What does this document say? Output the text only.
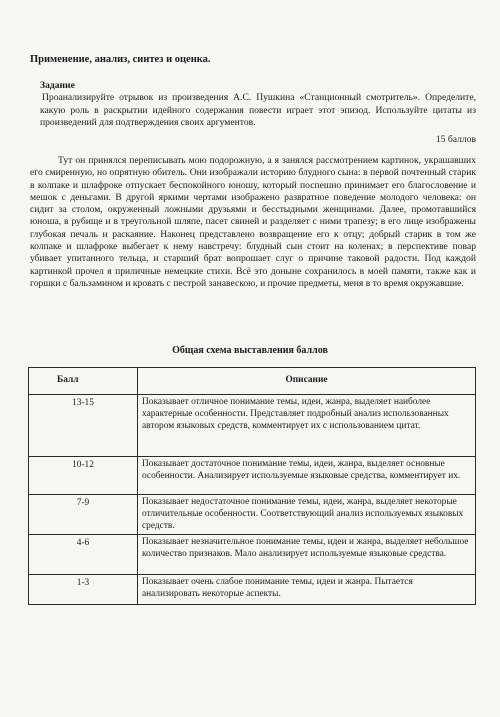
Применение, анализ, синтез и оценка.
Задание
Проанализируйте отрывок из произведения А.С. Пушкина «Станционный смотритель». Определите, какую роль в раскрытии идейного содержания повести играет этот эпизод. Используйте цитаты из произведений для подтверждения своих аргументов.
15 баллов

Тут он принялся переписывать мою подорожную, а я занялся рассмотрением картинок, украшавших его смиренную, но опрятную обитель. Они изображали историю блудного сына: в первой почтенный старик в колпаке и шлафроке отпускает беспокойного юношу, который поспешно принимает его благословение и мешок с деньгами. В другой яркими чертами изображено развратное поведение молодого человека: он сидит за столом, окруженный ложными друзьями и бесстыдными женщинами. Далее, промотавшийся юноша, в рубище и в треугольной шляпе, пасет свиней и разделяет с ними трапезу; в его лице изображены глубокая печаль и раскаяние. Наконец представлено возвращение его к отцу; добрый старик в том же колпаке и шлафроке выбегает к нему навстречу: блудный сын стоит на коленах; в перспективе повар убивает упитанного тельца, и старший брат вопрошает слуг о причине таковой радости. Под каждой картинкой прочел я приличные немецкие стихи. Всё это доныне сохранилось в моей памяти, также как и горшки с бальзамином и кровать с пестрой занавескою, и прочие предметы, меня в то время окружавшие.

Общая схема выставления баллов
Балл	Описание
13-15	Показывает отличное понимание темы, идеи, жанра, выделяет наиболее характерные особенности. Представляет подробный анализ использованных автором языковых средств, комментирует их с использованием цитат.
10-12	Показывает достаточное понимание темы, идеи, жанра, выделяет основные особенности. Анализирует используемые языковые средства, комментирует их.
7-9	Показывает недостаточное понимание темы, идеи, жанра, выделяет некоторые отличительные особенности. Соответствующий анализ используемых языковых средств.
4-6	Показывает незначительное понимание темы, идеи и жанра, выделяет небольшое количество признаков. Мало анализирует используемые языковые средства.
1-3	Показывает очень слабое понимание темы, идеи и жанра. Пытается анализировать некоторые аспекты.
